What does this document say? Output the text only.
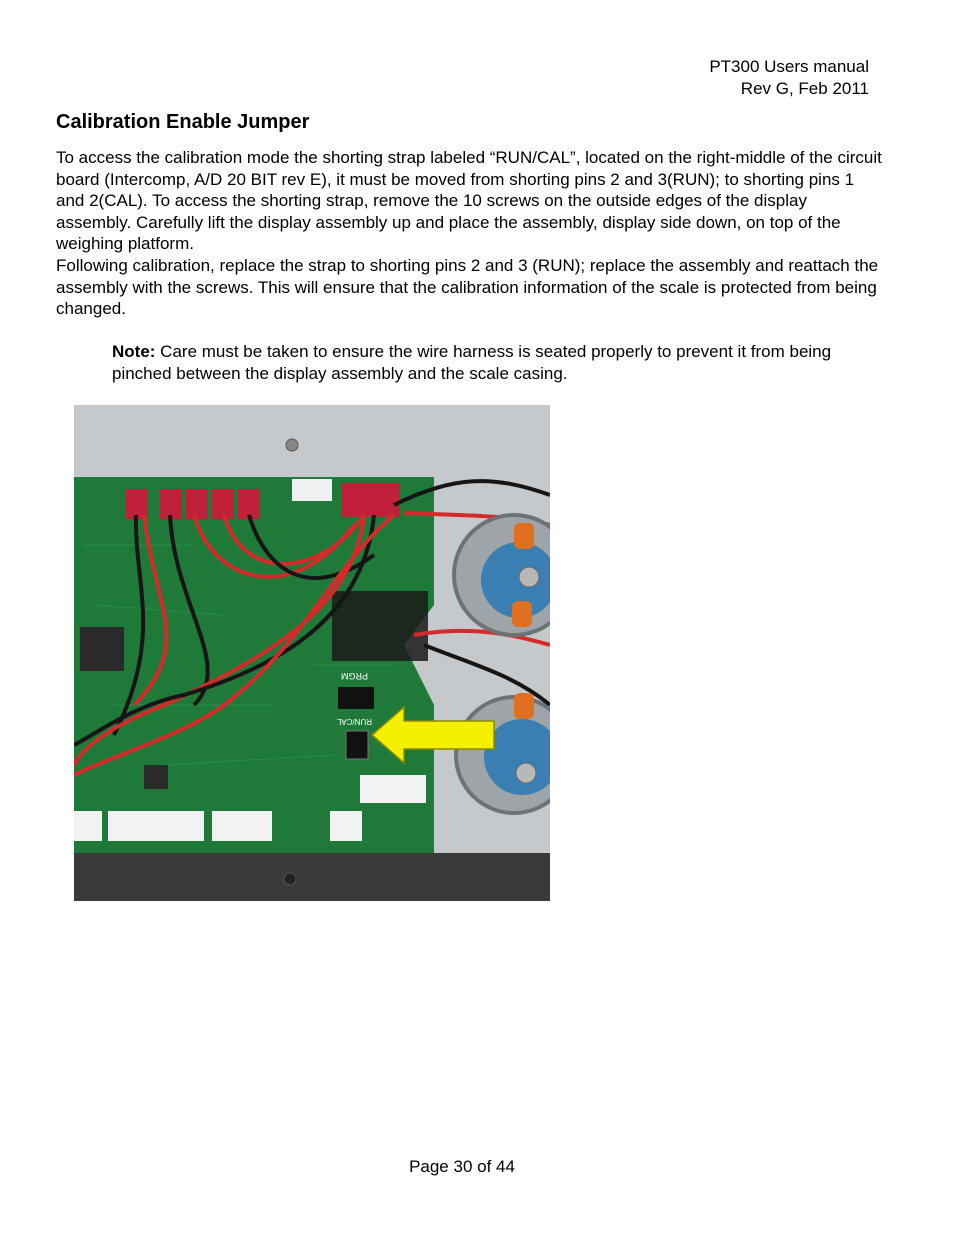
PT300 Users manual
Rev G, Feb 2011
Calibration Enable Jumper
To access the calibration mode the shorting strap labeled “RUN/CAL”, located on the right-middle of the circuit board (Intercomp, A/D 20 BIT rev E), it must be moved from shorting pins 2 and 3(RUN); to shorting pins 1 and 2(CAL). To access the shorting strap, remove the 10 screws on the outside edges of the display assembly. Carefully lift the display assembly up and place the assembly, display side down, on top of the weighing platform.
Following calibration, replace the strap to shorting pins 2 and 3 (RUN); replace the assembly and reattach the assembly with the screws. This will ensure that the calibration information of the scale is protected from being changed.
Note: Care must be taken to ensure the wire harness is seated properly to prevent it from being pinched between the display assembly and the scale casing.
PRGM
RUN/CAL
Page 30 of 44
